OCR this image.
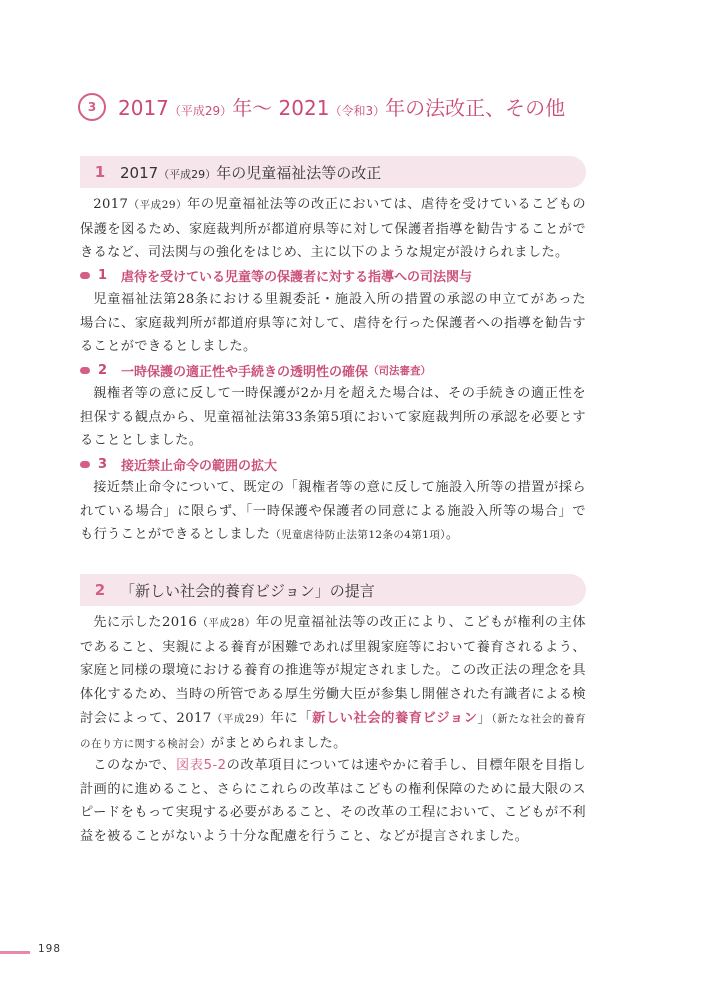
3	2017（平成29）年～ 2021（令和3）年の法改正、その他
1 2017（平成29）年の児童福祉法等の改正

2017（平成29）年の児童福祉法等の改正においては、虐待を受けているこどもの保護を図るため、家庭裁判所が都道府県等に対して保護者指導を勧告することができるなど、司法関与の強化をはじめ、主に以下のような規定が設けられました。

1 虐待を受けている児童等の保護者に対する指導への司法関与

児童福祉法第28条における里親委託・施設入所の措置の承認の申立てがあった場合に、家庭裁判所が都道府県等に対して、虐待を行った保護者への指導を勧告することができるとしました。

2 一時保護の適正性や手続きの透明性の確保 （司法審査）

親権者等の意に反して一時保護が2か月を超えた場合は、その手続きの適正性を担保する観点から、児童福祉法第33条第5項において家庭裁判所の承認を必要とすることとしました。

3 接近禁止命令の範囲の拡大

接近禁止命令について、既定の「親権者等の意に反して施設入所等の措置が採られている場合」に限らず、「一時保護や保護者の同意による施設入所等の場合」でも行うことができるとしました（児童虐待防止法第12条の4第1項）。

2 「新しい社会的養育ビジョン」の提言

先に示した2016（平成28）年の児童福祉法等の改正により、こどもが権利の主体であること、実親による養育が困難であれば里親家庭等において養育されるよう、家庭と同様の環境における養育の推進等が規定されました。この改正法の理念を具体化するため、当時の所管である厚生労働大臣が参集し開催された有識者による検討会によって、2017（平成29）年に「新しい社会的養育ビジョン」（新たな社会的養育の在り方に関する検討会）がまとめられました。

このなかで、図表5-2の改革項目については速やかに着手し、目標年限を目指し計画的に進めること、さらにこれらの改革はこどもの権利保障のために最大限のスピードをもって実現する必要があること、その改革の工程において、こどもが不利益を被ることがないよう十分な配慮を行うこと、などが提言されました。

198
